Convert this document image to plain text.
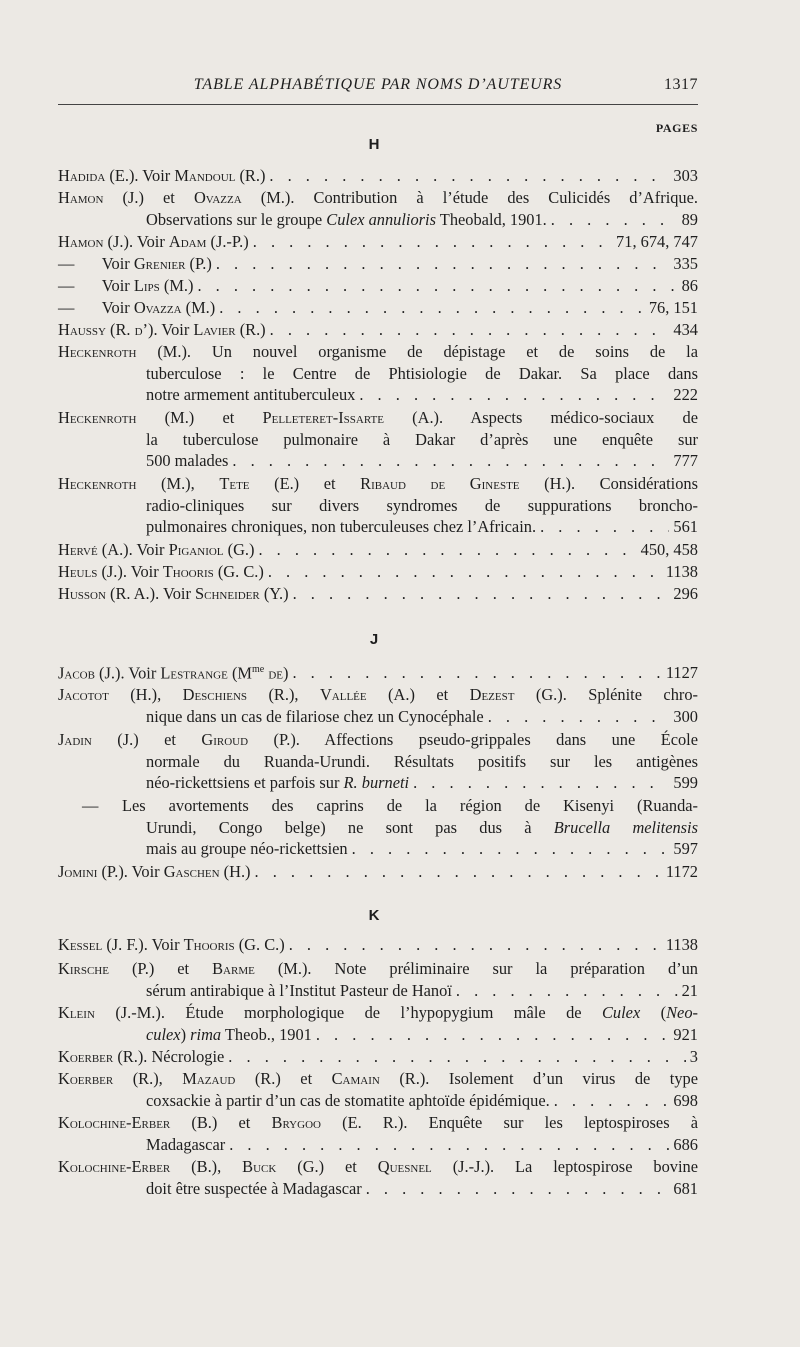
TABLE ALPHABÉTIQUE PAR NOMS D’AUTEURS	1317
PAGES
H
Hadida (E.). Voir Mandoul (R.) . . .	303
Hamon (J.) et Ovazza (M.). Contribution à l’étude des Culicidés d’Afrique.
Observations sur le groupe Culex annulioris Theobald, 1901. . . .	89
Hamon (J.). Voir Adam (J.-P.) . . .	71, 674, 747
— Voir Grenier (P.) . . .	335
— Voir Lips (M.) . . .	86
— Voir Ovazza (M.) . . .	76, 151
Haussy (R. d’). Voir Lavier (R.) . . .	434
Heckenroth (M.). Un nouvel organisme de dépistage et de soins de la
tuberculose : le Centre de Phtisiologie de Dakar. Sa place dans
notre armement antituberculeux . . .	222
Heckenroth (M.) et Pelleteret-Issarte (A.). Aspects médico-sociaux de
la tuberculose pulmonaire à Dakar d’après une enquête sur
500 malades . . .	777
Heckenroth (M.), Tete (E.) et Ribaud de Gineste (H.). Considérations
radio-cliniques sur divers syndromes de suppurations broncho-
pulmonaires chroniques, non tuberculeuses chez l’Africain. . . .	561
Hervé (A.). Voir Piganiol (G.) . . .	450, 458
Heuls (J.). Voir Thooris (G. C.) . . .	1138
Husson (R. A.). Voir Schneider (Y.) . . .	296
J
Jacob (J.). Voir Lestrange ($M^{me}$ de) . . .	1127
Jacotot (H.), Deschiens (R.), Vallée (A.) et Dezest (G.). Splénite chro-
nique dans un cas de filariose chez un Cynocéphale . . .	300
Jadin (J.) et Giroud (P.). Affections pseudo-grippales dans une École
normale du Ruanda-Urundi. Résultats positifs sur les antigènes
néo-rickettsiens et parfois sur R. burneti . . .	599
— Les avortements des caprins de la région de Kisenyi (Ruanda-
Urundi, Congo belge) ne sont pas dus à Brucella melitensis
mais au groupe néo-rickettsien . . .	597
Jomini (P.). Voir Gaschen (H.) . . .	1172
K
Kessel (J. F.). Voir Thooris (G. C.) . . .	1138
Kirsche (P.) et Barme (M.). Note préliminaire sur la préparation d’un
sérum antirabique à l’Institut Pasteur de Hanoï . . .	21
Klein (J.-M.). Étude morphologique de l’hypopygium mâle de Culex (Neo-
culex) rima Theob., 1901 . . .	921
Koerber (R.). Nécrologie . . .	3
Koerber (R.), Mazaud (R.) et Camain (R.). Isolement d’un virus de type
coxsackie à partir d’un cas de stomatite aphtoïde épidémique. . . .	698
Kolochine-Erber (B.) et Brygoo (E. R.). Enquête sur les leptospiroses à
Madagascar . . .	686
Kolochine-Erber (B.), Buck (G.) et Quesnel (J.-J.). La leptospirose bovine
doit être suspectée à Madagascar . . .	681
